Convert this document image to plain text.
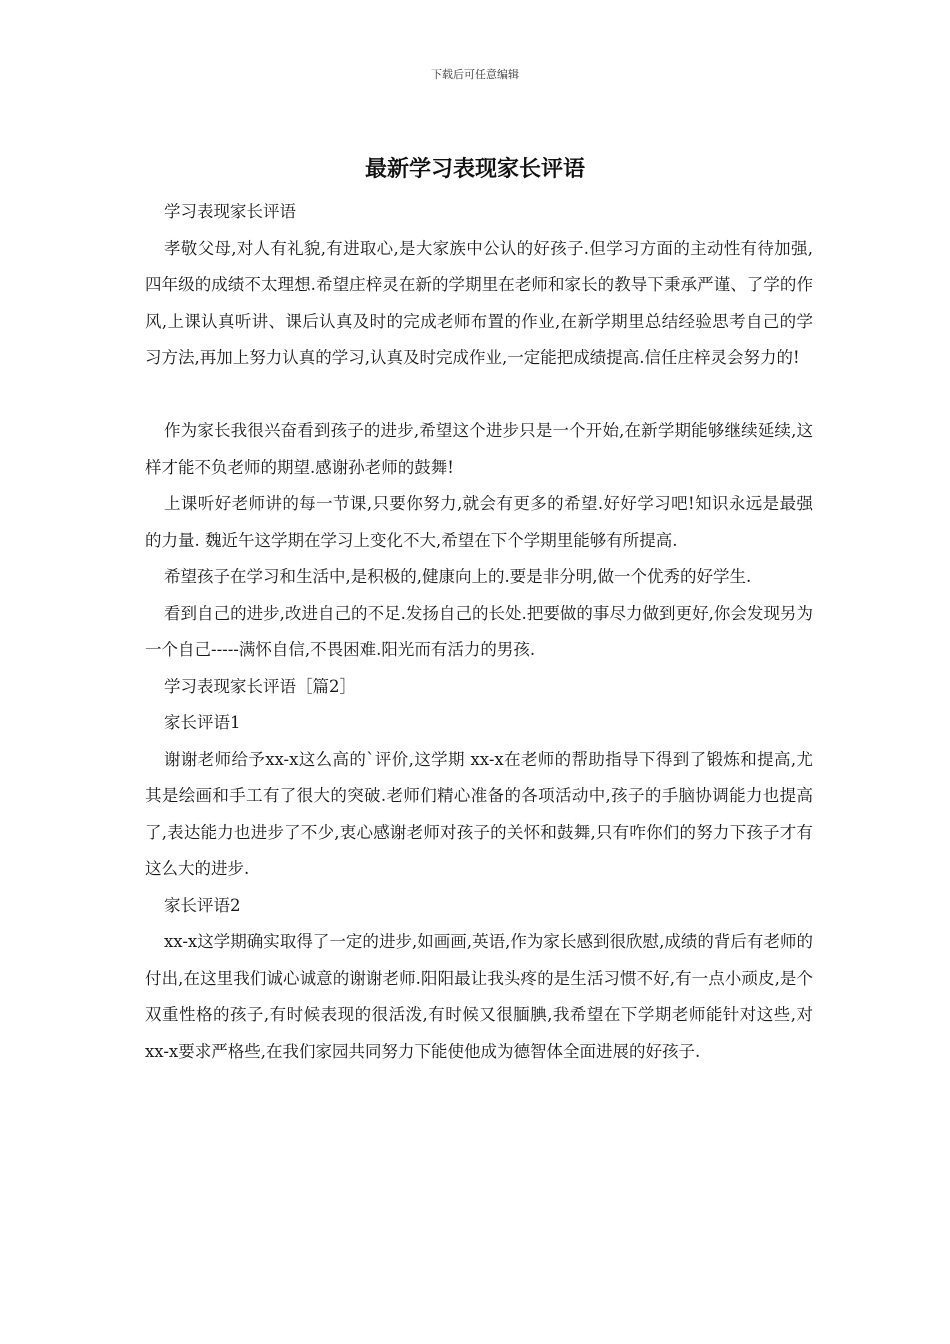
下载后可任意编辑
最新学习表现家长评语

学习表现家长评语

孝敬父母,对人有礼貌,有进取心,是大家族中公认的好孩子.但学习方面的主动性有待加强,四年级的成绩不太理想.希望庄梓灵在新的学期里在老师和家长的教导下秉承严谨、了学的作风,上课认真听讲、课后认真及时的完成老师布置的作业,在新学期里总结经验思考自己的学习方法,再加上努力认真的学习,认真及时完成作业,一定能把成绩提高.信任庄梓灵会努力的!

作为家长我很兴奋看到孩子的进步,希望这个进步只是一个开始,在新学期能够继续延续,这样才能不负老师的期望.感谢孙老师的鼓舞!

上课听好老师讲的每一节课,只要你努力,就会有更多的希望.好好学习吧!知识永远是最强的力量. 魏近午这学期在学习上变化不大,希望在下个学期里能够有所提高.

希望孩子在学习和生活中,是积极的,健康向上的.要是非分明,做一个优秀的好学生.

看到自己的进步,改进自己的不足.发扬自己的长处.把要做的事尽力做到更好,你会发现另为一个自己-----满怀自信,不畏困难.阳光而有活力的男孩.

学习表现家长评语［篇2］

家长评语1

谢谢老师给予xx-x这么高的`评价,这学期 xx-x在老师的帮助指导下得到了锻炼和提高,尤其是绘画和手工有了很大的突破.老师们精心准备的各项活动中,孩子的手脑协调能力也提高了,表达能力也进步了不少,衷心感谢老师对孩子的关怀和鼓舞,只有咋你们的努力下孩子才有这么大的进步.

家长评语2

xx-x这学期确实取得了一定的进步,如画画,英语,作为家长感到很欣慰,成绩的背后有老师的付出,在这里我们诚心诚意的谢谢老师.阳阳最让我头疼的是生活习惯不好,有一点小顽皮,是个双重性格的孩子,有时候表现的很活泼,有时候又很腼腆,我希望在下学期老师能针对这些,对xx-x要求严格些,在我们家园共同努力下能使他成为德智体全面进展的好孩子.
